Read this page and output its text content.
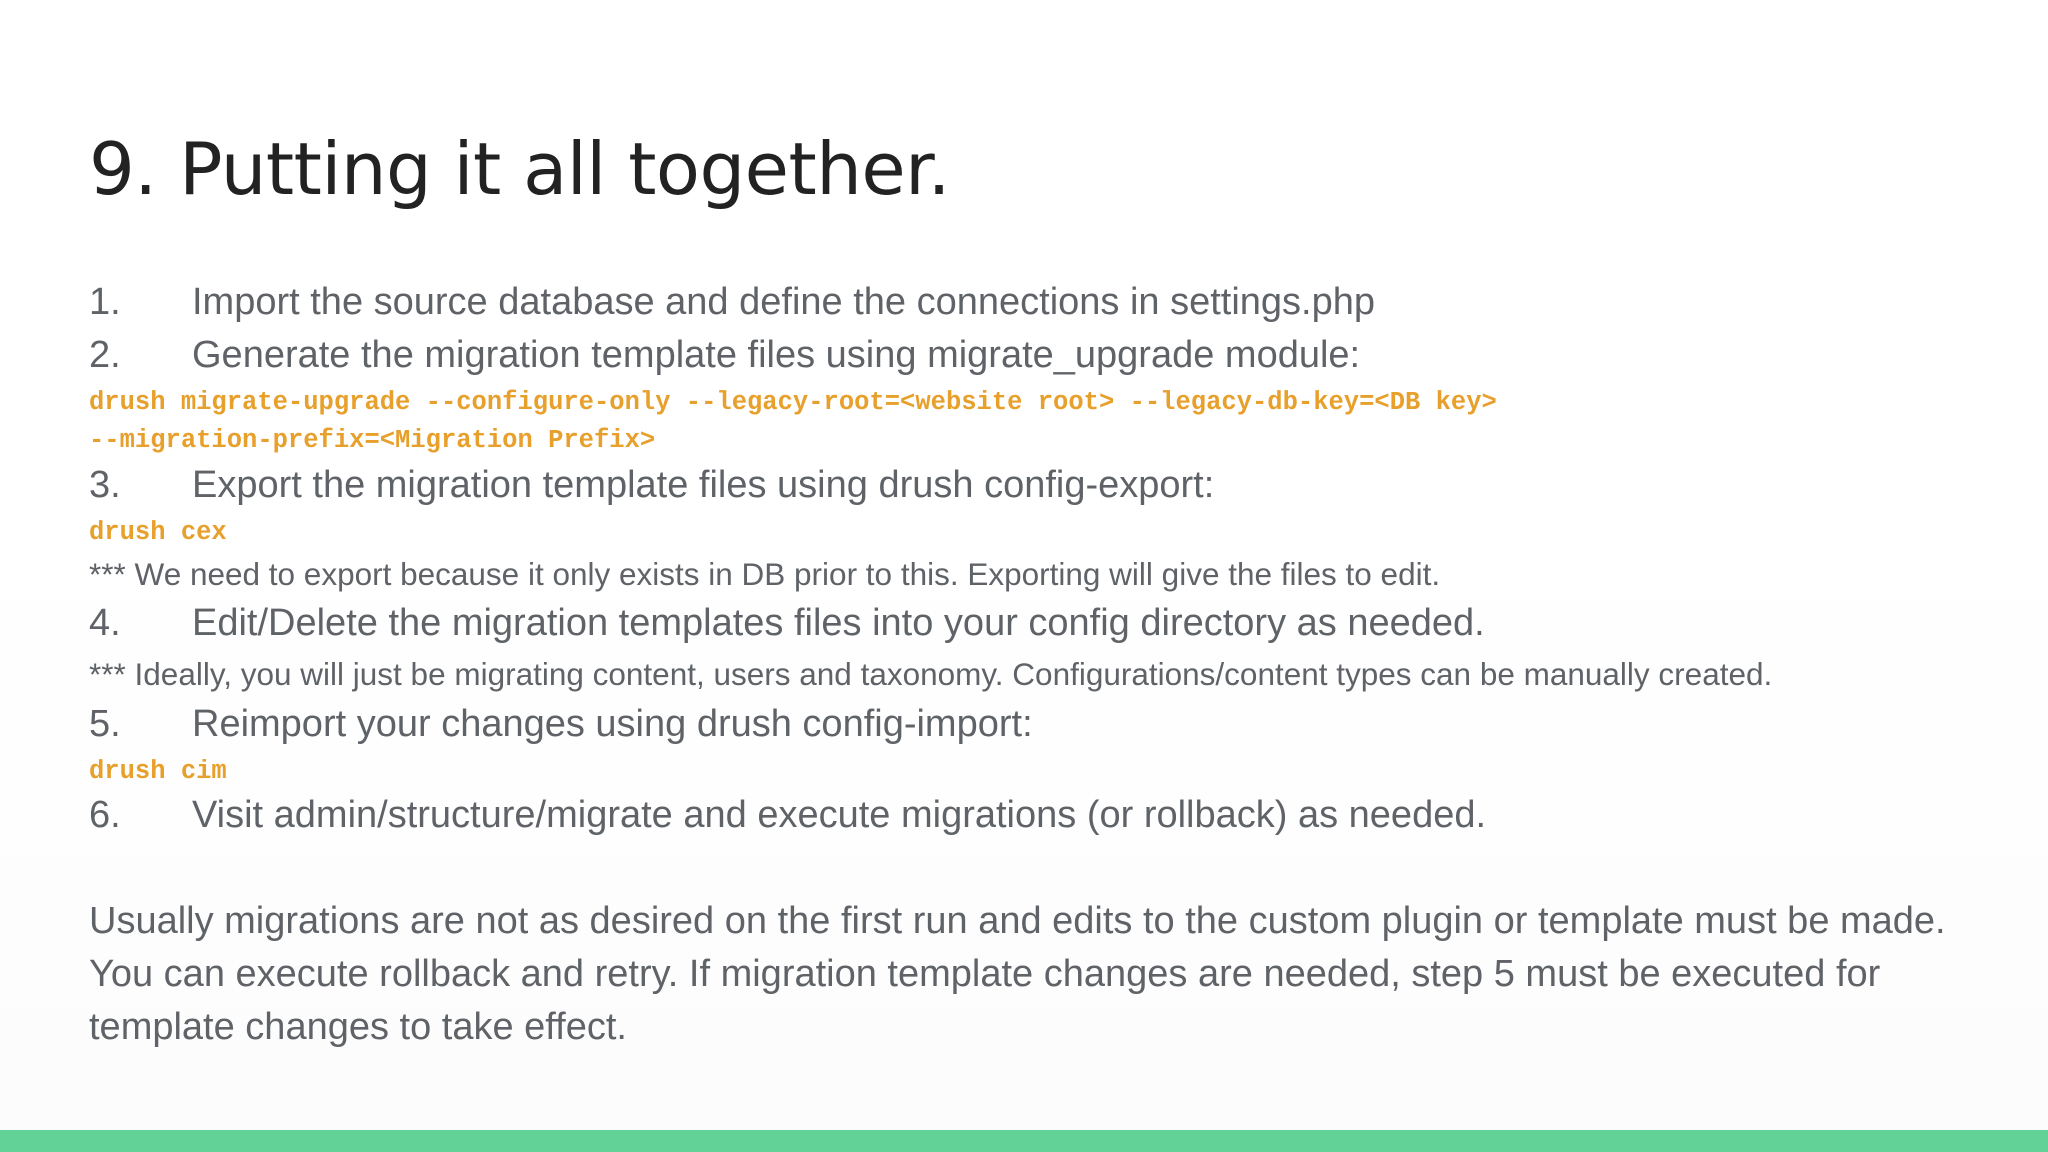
9. Putting it all together.
1. Import the source database and define the connections in settings.php
2. Generate the migration template files using migrate_upgrade module:
drush migrate-upgrade --configure-only --legacy-root=<website root> --legacy-db-key=<DB key>
--migration-prefix=<Migration Prefix>
3. Export the migration template files using drush config-export:
drush cex
*** We need to export because it only exists in DB prior to this. Exporting will give the files to edit.
4. Edit/Delete the migration templates files into your config directory as needed.
*** Ideally, you will just be migrating content, users and taxonomy. Configurations/content types can be manually created.
5. Reimport your changes using drush config-import:
drush cim
6. Visit admin/structure/migrate and execute migrations (or rollback) as needed.
Usually migrations are not as desired on the first run and edits to the custom plugin or template must be made. You can execute rollback and retry. If migration template changes are needed, step 5 must be executed for template changes to take effect.
